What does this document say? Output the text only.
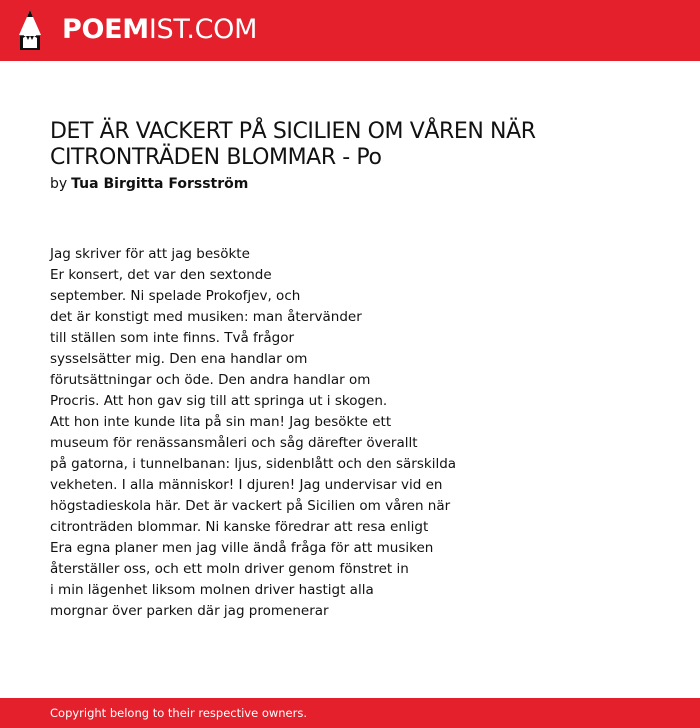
POEMIST.COM
DET ÄR VACKERT PÅ SICILIEN OM VÅREN NÄR CITRONTRÄDEN BLOMMAR - Po
by Tua Birgitta Forsström
Jag skriver för att jag besökte
Er konsert, det var den sextonde
september. Ni spelade Prokofjev, och
det är konstigt med musiken: man återvänder
till ställen som inte finns. Två frågor
sysselsätter mig. Den ena handlar om
förutsättningar och öde. Den andra handlar om
Procris. Att hon gav sig till att springa ut i skogen.
Att hon inte kunde lita på sin man! Jag besökte ett
museum för renässansmåleri och såg därefter överallt
på gatorna, i tunnelbanan: ljus, sidenblått och den särskilda
vekheten. I alla människor! I djuren! Jag undervisar vid en
högstadieskola här. Det är vackert på Sicilien om våren när
citronträden blommar. Ni kanske föredrar att resa enligt
Era egna planer men jag ville ändå fråga för att musiken
återställer oss, och ett moln driver genom fönstret in
i min lägenhet liksom molnen driver hastigt alla
morgnar över parken där jag promenerar
Copyright belong to their respective owners.
